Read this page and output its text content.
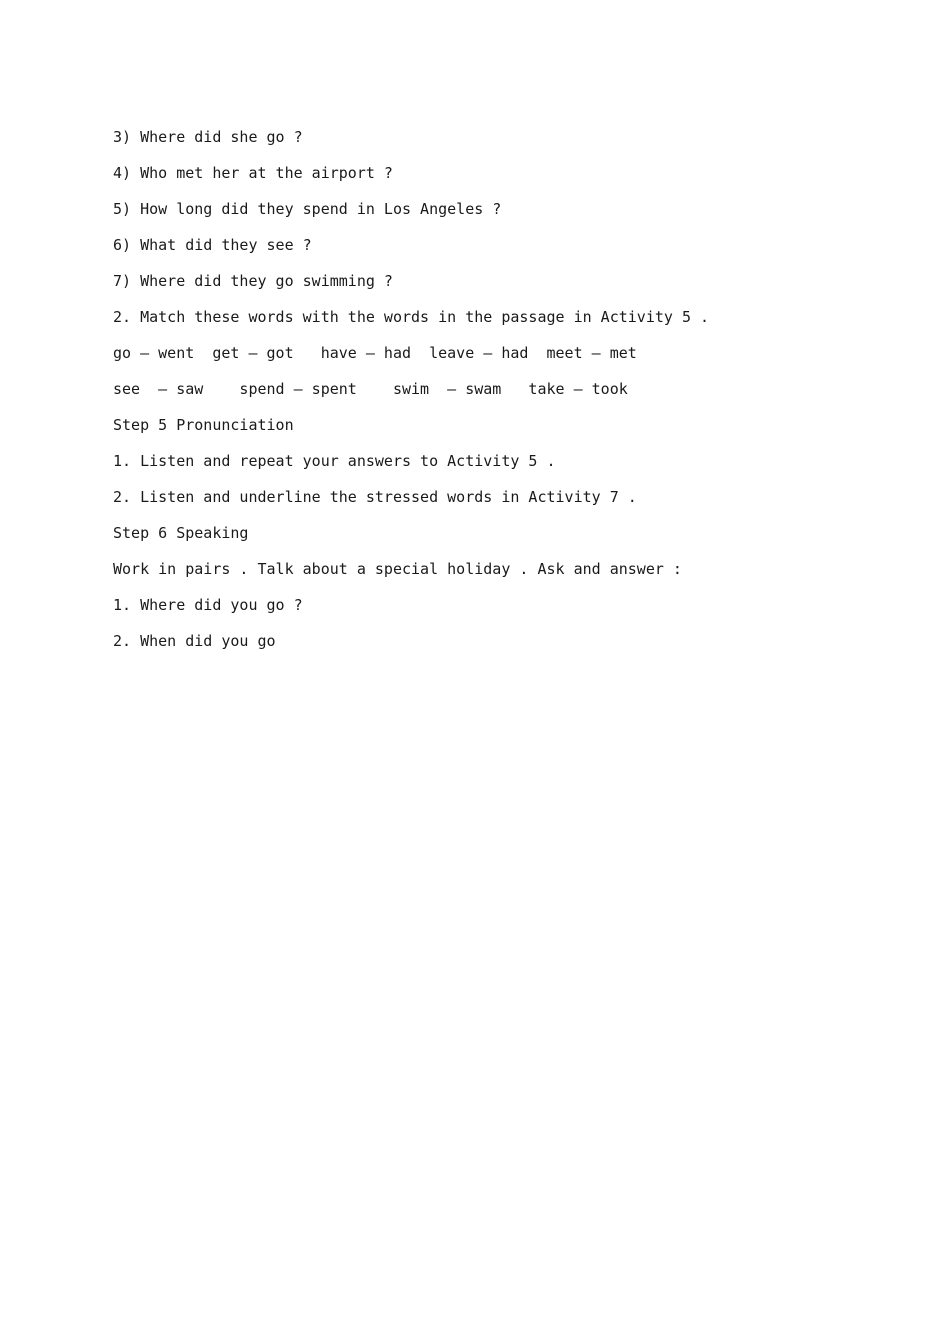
3) Where did she go ?
4) Who met her at the airport ?
5) How long did they spend in Los Angeles ?
6) What did they see ?
7) Where did they go swimming ?
2. Match these words with the words in the passage in Activity 5 .
go — went  get — got   have — had  leave — had  meet — met
see  — saw    spend — spent    swim  — swam   take — took
Step 5 Pronunciation
1. Listen and repeat your answers to Activity 5 .
2. Listen and underline the stressed words in Activity 7 .
Step 6 Speaking
Work in pairs . Talk about a special holiday . Ask and answer :
1. Where did you go ?
2. When did you go
